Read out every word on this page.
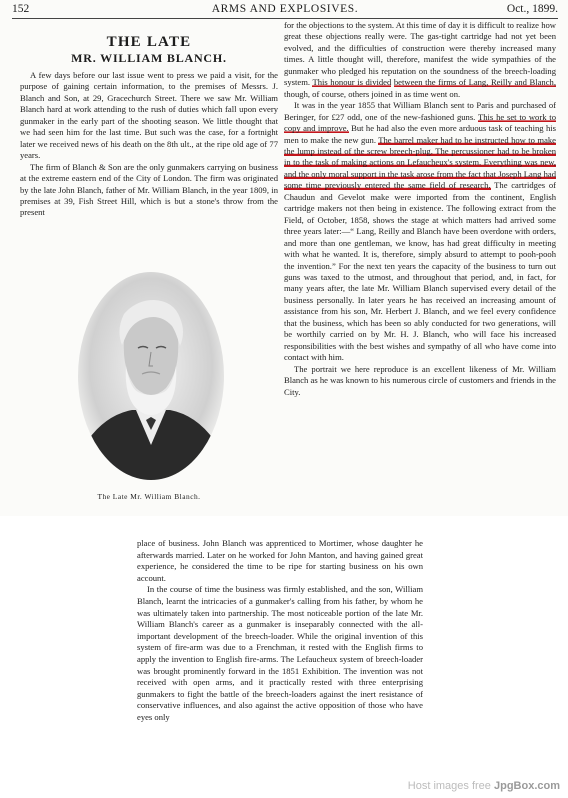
152	ARMS AND EXPLOSIVES.	Oct., 1899.
THE LATE
MR. WILLIAM BLANCH.

A few days before our last issue went to press we paid a visit, for the purpose of gaining certain information, to the premises of Messrs. J. Blanch and Son, at 29, Gracechurch Street. There we saw Mr. William Blanch hard at work attending to the rush of duties which fall upon every gunmaker in the early part of the shooting season. We little thought that we had seen him for the last time. But such was the case, for a fortnight later we received news of his death on the 8th ult., at the ripe old age of 77 years.

The firm of Blanch & Son are the only gunmakers carrying on business at the extreme eastern end of the City of London. The firm was originated by the late John Blanch, father of Mr. William Blanch, in the year 1809, in premises at 39, Fish Street Hill, which is but a stone's throw from the present

The Late Mr. William Blanch.

for the objections to the system. At this time of day it is difficult to realize how great these objections really were. The gas-tight cartridge had not yet been evolved, and the difficulties of construction were thereby increased many times. A little thought will, therefore, manifest the wide sympathies of the gunmaker who pledged his reputation on the soundness of the breech-loading system. This honour is divided between the firms of Lang, Reilly and Blanch, though, of course, others joined in as time went on.

It was in the year 1855 that William Blanch sent to Paris and purchased of Beringer, for £27 odd, one of the new-fashioned guns. This he set to work to copy and improve. But he had also the even more arduous task of teaching his men to make the new gun. The barrel maker had to be instructed how to make the lump instead of the screw breech-plug. The percussioner had to be broken in to the task of making actions on Lefaucheux's system. Everything was new, and the only moral support in the task arose from the fact that Joseph Lang had some time previously entered the same field of research. The cartridges of Chaudun and Gevelot make were imported from the continent, English cartridge makers not then being in existence. The following extract from the Field, of October, 1858, shows the stage at which matters had arrived some three years later:—“ Lang, Reilly and Blanch have been overdone with orders, and more than one gentleman, we know, has had great difficulty in meeting with what he wanted. It is, therefore, simply absurd to attempt to pooh-pooh the invention.” For the next ten years the capacity of the business to turn out guns was taxed to the utmost, and throughout that period, and, in fact, for many years after, the late Mr. William Blanch supervised every detail of the business personally. In later years he has received an increasing amount of assistance from his son, Mr. Herbert J. Blanch, and we feel every confidence that the business, which has been so ably conducted for two generations, will be worthily carried on by Mr. H. J. Blanch, who will face his increased responsibilities with the best wishes and sympathy of all who have come into contact with him.

The portrait we here reproduce is an excellent likeness of Mr. William Blanch as he was known to his numerous circle of customers and friends in the City.

place of business. John Blanch was apprenticed to Mortimer, whose daughter he afterwards married. Later on he worked for John Manton, and having gained great experience, he considered the time to be ripe for starting business on his own account.

In the course of time the business was firmly established, and the son, William Blanch, learnt the intricacies of a gunmaker's calling from his father, by whom he was ultimately taken into partnership. The most noticeable portion of the late Mr. William Blanch's career as a gunmaker is inseparably connected with the all-important development of the breech-loader. While the original invention of this system of fire-arm was due to a Frenchman, it rested with the English firms to apply the invention to English fire-arms. The Lefaucheux system of breech-loader was brought prominently forward in the 1851 Exhibition. The invention was not received with open arms, and it practically rested with three enterprising gunmakers to fight the battle of the breech-loaders against the inert resistance of conservative influences, and also against the active opposition of those who have eyes only

Host images free JpgBox.com
